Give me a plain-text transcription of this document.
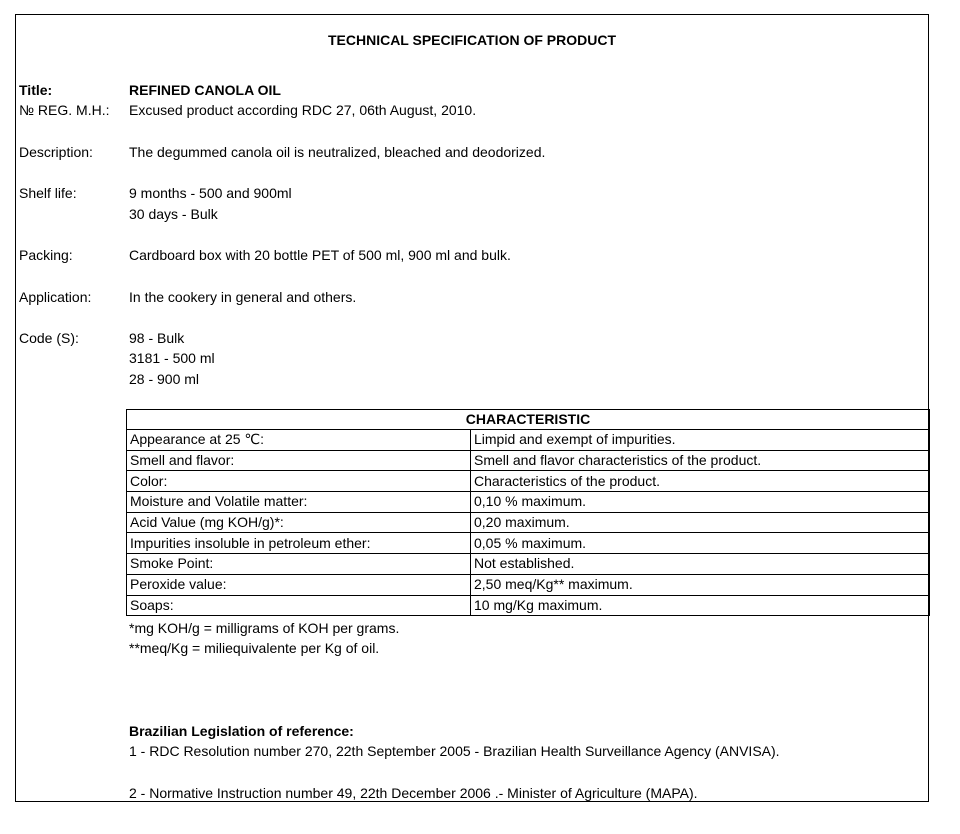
TECHNICAL SPECIFICATION OF PRODUCT
Title:	REFINED CANOLA OIL
№ REG. M.H.: Excused product according RDC 27, 06th August, 2010.
Description:	The degummed canola oil is neutralized, bleached and deodorized.
Shelf life:	9 months - 500 and 900ml
30 days - Bulk
Packing:	Cardboard box with 20 bottle PET of 500 ml, 900 ml and bulk.
Application:	In the cookery in general and others.
Code (S):	98 - Bulk
3181 - 500 ml
28 - 900 ml
CHARACTERISTIC	
Appearance at 25 ℃:	Limpid and exempt of impurities.
Smell and flavor:	Smell and flavor characteristics of the product.
Color:	Characteristics of the product.
Moisture and Volatile matter:	0,10 % maximum.
Acid Value (mg KOH/g)*:	0,20 maximum.
Impurities insoluble in petroleum ether:	0,05 % maximum.
Smoke Point:	Not established.
Peroxide value:	2,50 meq/Kg** maximum.
Soaps:	10 mg/Kg maximum.
*mg KOH/g = milligrams of KOH per grams.
**meq/Kg = miliequivalente per Kg of oil.
Brazilian Legislation of reference:
1 - RDC Resolution number 270, 22th September 2005 - Brazilian Health Surveillance Agency (ANVISA).
2 - Normative Instruction number 49, 22th December 2006 .- Minister of Agriculture (MAPA).
